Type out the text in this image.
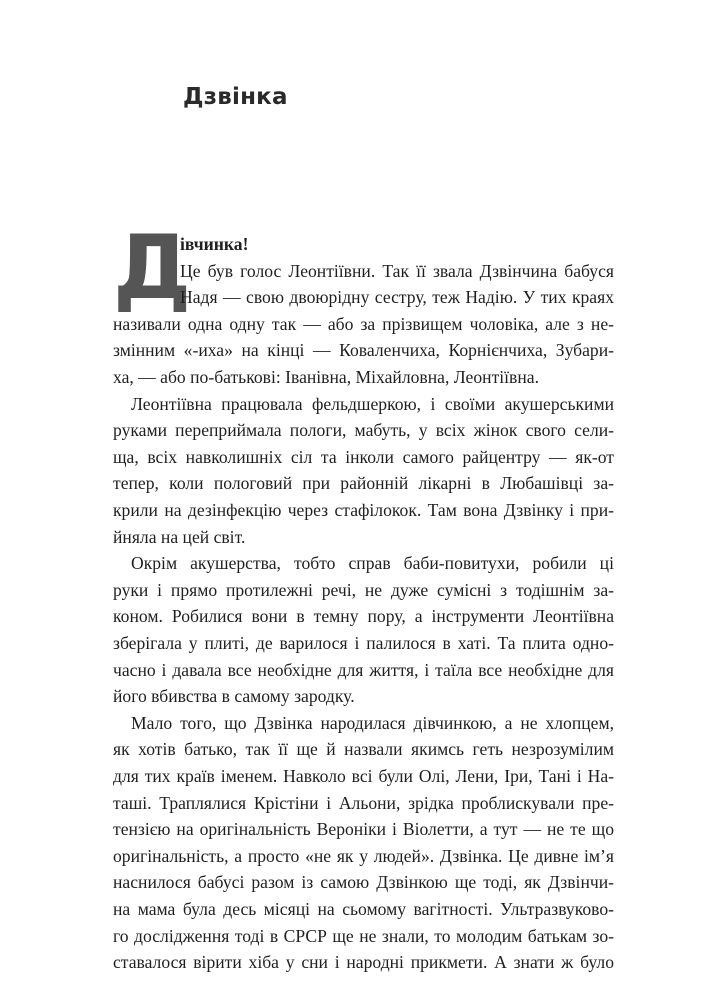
Дзвінка
Д

івчинка!

Це був голос Леонтіївни. Так її звала Дзвінчина бабуся

Надя — свою двоюрідну сестру, теж Надію. У тих краях

називали одна одну так — або за прізвищем чоловіка, але з не-

змінним «-иха» на кінці — Коваленчиха, Корнієнчиха, Зубари-

ха, — або по-батькові: Іванівна, Міхайловна, Леонтіївна.

Леонтіївна працювала фельдшеркою, і своїми акушерськими

руками переприймала пологи, мабуть, у всіх жінок свого сели-

ща, всіх навколишніх сіл та інколи самого райцентру — як-от

тепер, коли пологовий при районній лікарні в Любашівці за-

крили на дезінфекцію через стафілокок. Там вона Дзвінку і при-

йняла на цей світ.

Окрім акушерства, тобто справ баби-повитухи, робили ці

руки і прямо протилежні речі, не дуже сумісні з тодішнім за-

коном. Робилися вони в темну пору, а інструменти Леонтіївна

зберігала у плиті, де варилося і палилося в хаті. Та плита одно-

часно і давала все необхідне для життя, і таїла все необхідне для

його вбивства в самому зародку.

Мало того, що Дзвінка народилася дівчинкою, а не хлопцем,

як хотів батько, так її ще й назвали якимсь геть незрозумілим

для тих країв іменем. Навколо всі були Олі, Лени, Іри, Тані і На-

таші. Траплялися Крістіни і Альони, зрідка проблискували пре-

тензією на оригінальність Вероніки і Віолетти, а тут — не те що

оригінальність, а просто «не як у людей». Дзвінка. Це дивне ім’я

наснилося бабусі разом із самою Дзвінкою ще тоді, як Дзвінчи-

на мама була десь місяці на сьомому вагітності. Ультразвуково-

го дослідження тоді в СРСР ще не знали, то молодим батькам зо-

ставалося вірити хіба у сни і народні прикмети. А знати ж було
